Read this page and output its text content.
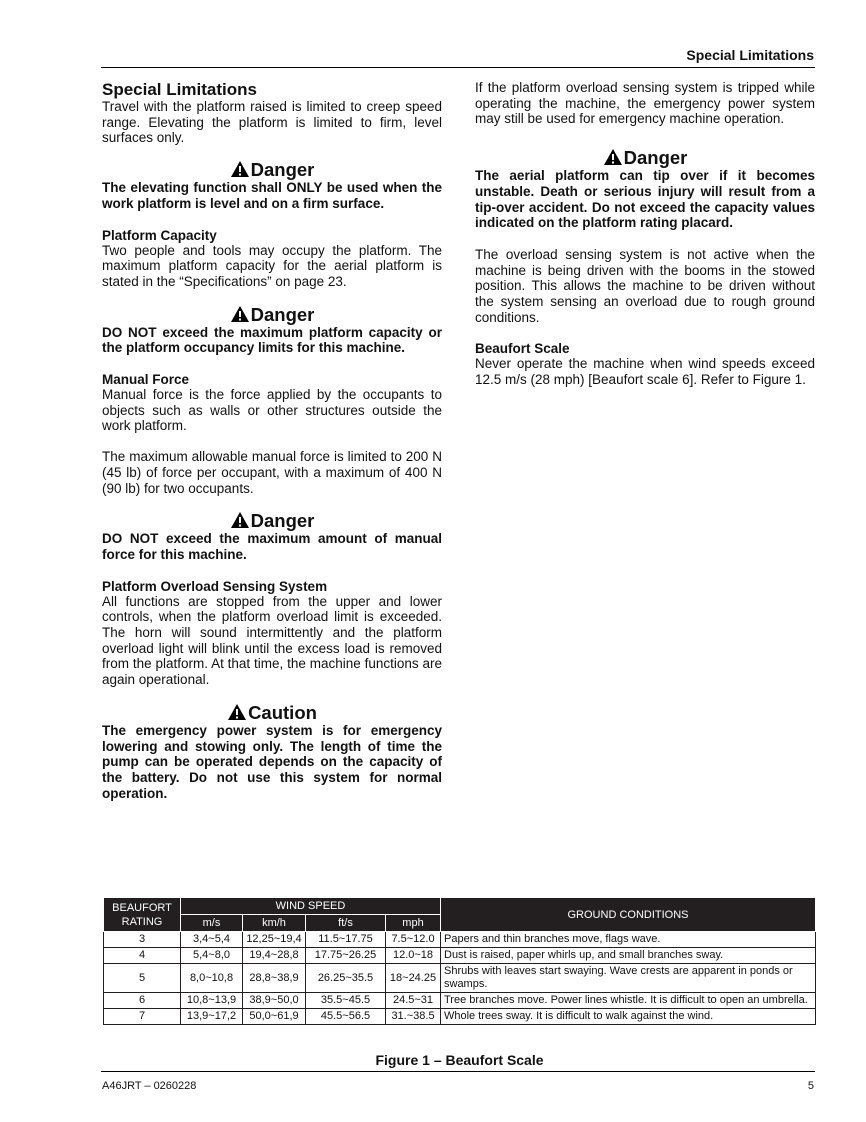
Special Limitations
Special Limitations

Travel with the platform raised is limited to creep speed range. Elevating the platform is limited to firm, level surfaces only.

Danger

The elevating function shall ONLY be used when the work platform is level and on a firm surface.

Platform Capacity

Two people and tools may occupy the platform. The maximum platform capacity for the aerial platform is stated in the “Specifications” on page 23.

Danger

DO NOT exceed the maximum platform capacity or the platform occupancy limits for this machine.

Manual Force

Manual force is the force applied by the occupants to objects such as walls or other structures outside the work platform.

The maximum allowable manual force is limited to 200 N (45 lb) of force per occupant, with a maximum of 400 N (90 lb) for two occupants.

Danger

DO NOT exceed the maximum amount of manual force for this machine.

Platform Overload Sensing System

All functions are stopped from the upper and lower controls, when the platform overload limit is exceeded. The horn will sound intermittently and the platform overload light will blink until the excess load is removed from the platform. At that time, the machine functions are again operational.

Caution

The emergency power system is for emergency lowering and stowing only. The length of time the pump can be operated depends on the capacity of the battery. Do not use this system for normal operation.

If the platform overload sensing system is tripped while operating the machine, the emergency power system may still be used for emergency machine operation.

Danger

The aerial platform can tip over if it becomes unstable. Death or serious injury will result from a tip-over accident. Do not exceed the capacity values indicated on the platform rating placard.

The overload sensing system is not active when the machine is being driven with the booms in the stowed position. This allows the machine to be driven without the system sensing an overload due to rough ground conditions.

Beaufort Scale

Never operate the machine when wind speeds exceed 12.5 m/s (28 mph) [Beaufort scale 6]. Refer to Figure 1.

BEAUFORT RATING	WIND SPEED				GROUND CONDITIONS
	m/s	km/h	ft/s	mph	
3	3,4~5,4	12,25~19,4	11.5~17.75	7.5~12.0	Papers and thin branches move, flags wave.
4	5,4~8,0	19,4~28,8	17.75~26.25	12.0~18	Dust is raised, paper whirls up, and small branches sway.
5	8,0~10,8	28,8~38,9	26.25~35.5	18~24.25	Shrubs with leaves start swaying. Wave crests are apparent in ponds or swamps.
6	10,8~13,9	38,9~50,0	35.5~45.5	24.5~31	Tree branches move. Power lines whistle. It is difficult to open an umbrella.
7	13,9~17,2	50,0~61,9	45.5~56.5	31.~38.5	Whole trees sway. It is difficult to walk against the wind.
Figure 1 – Beaufort Scale
A46JRT – 0260228	5
